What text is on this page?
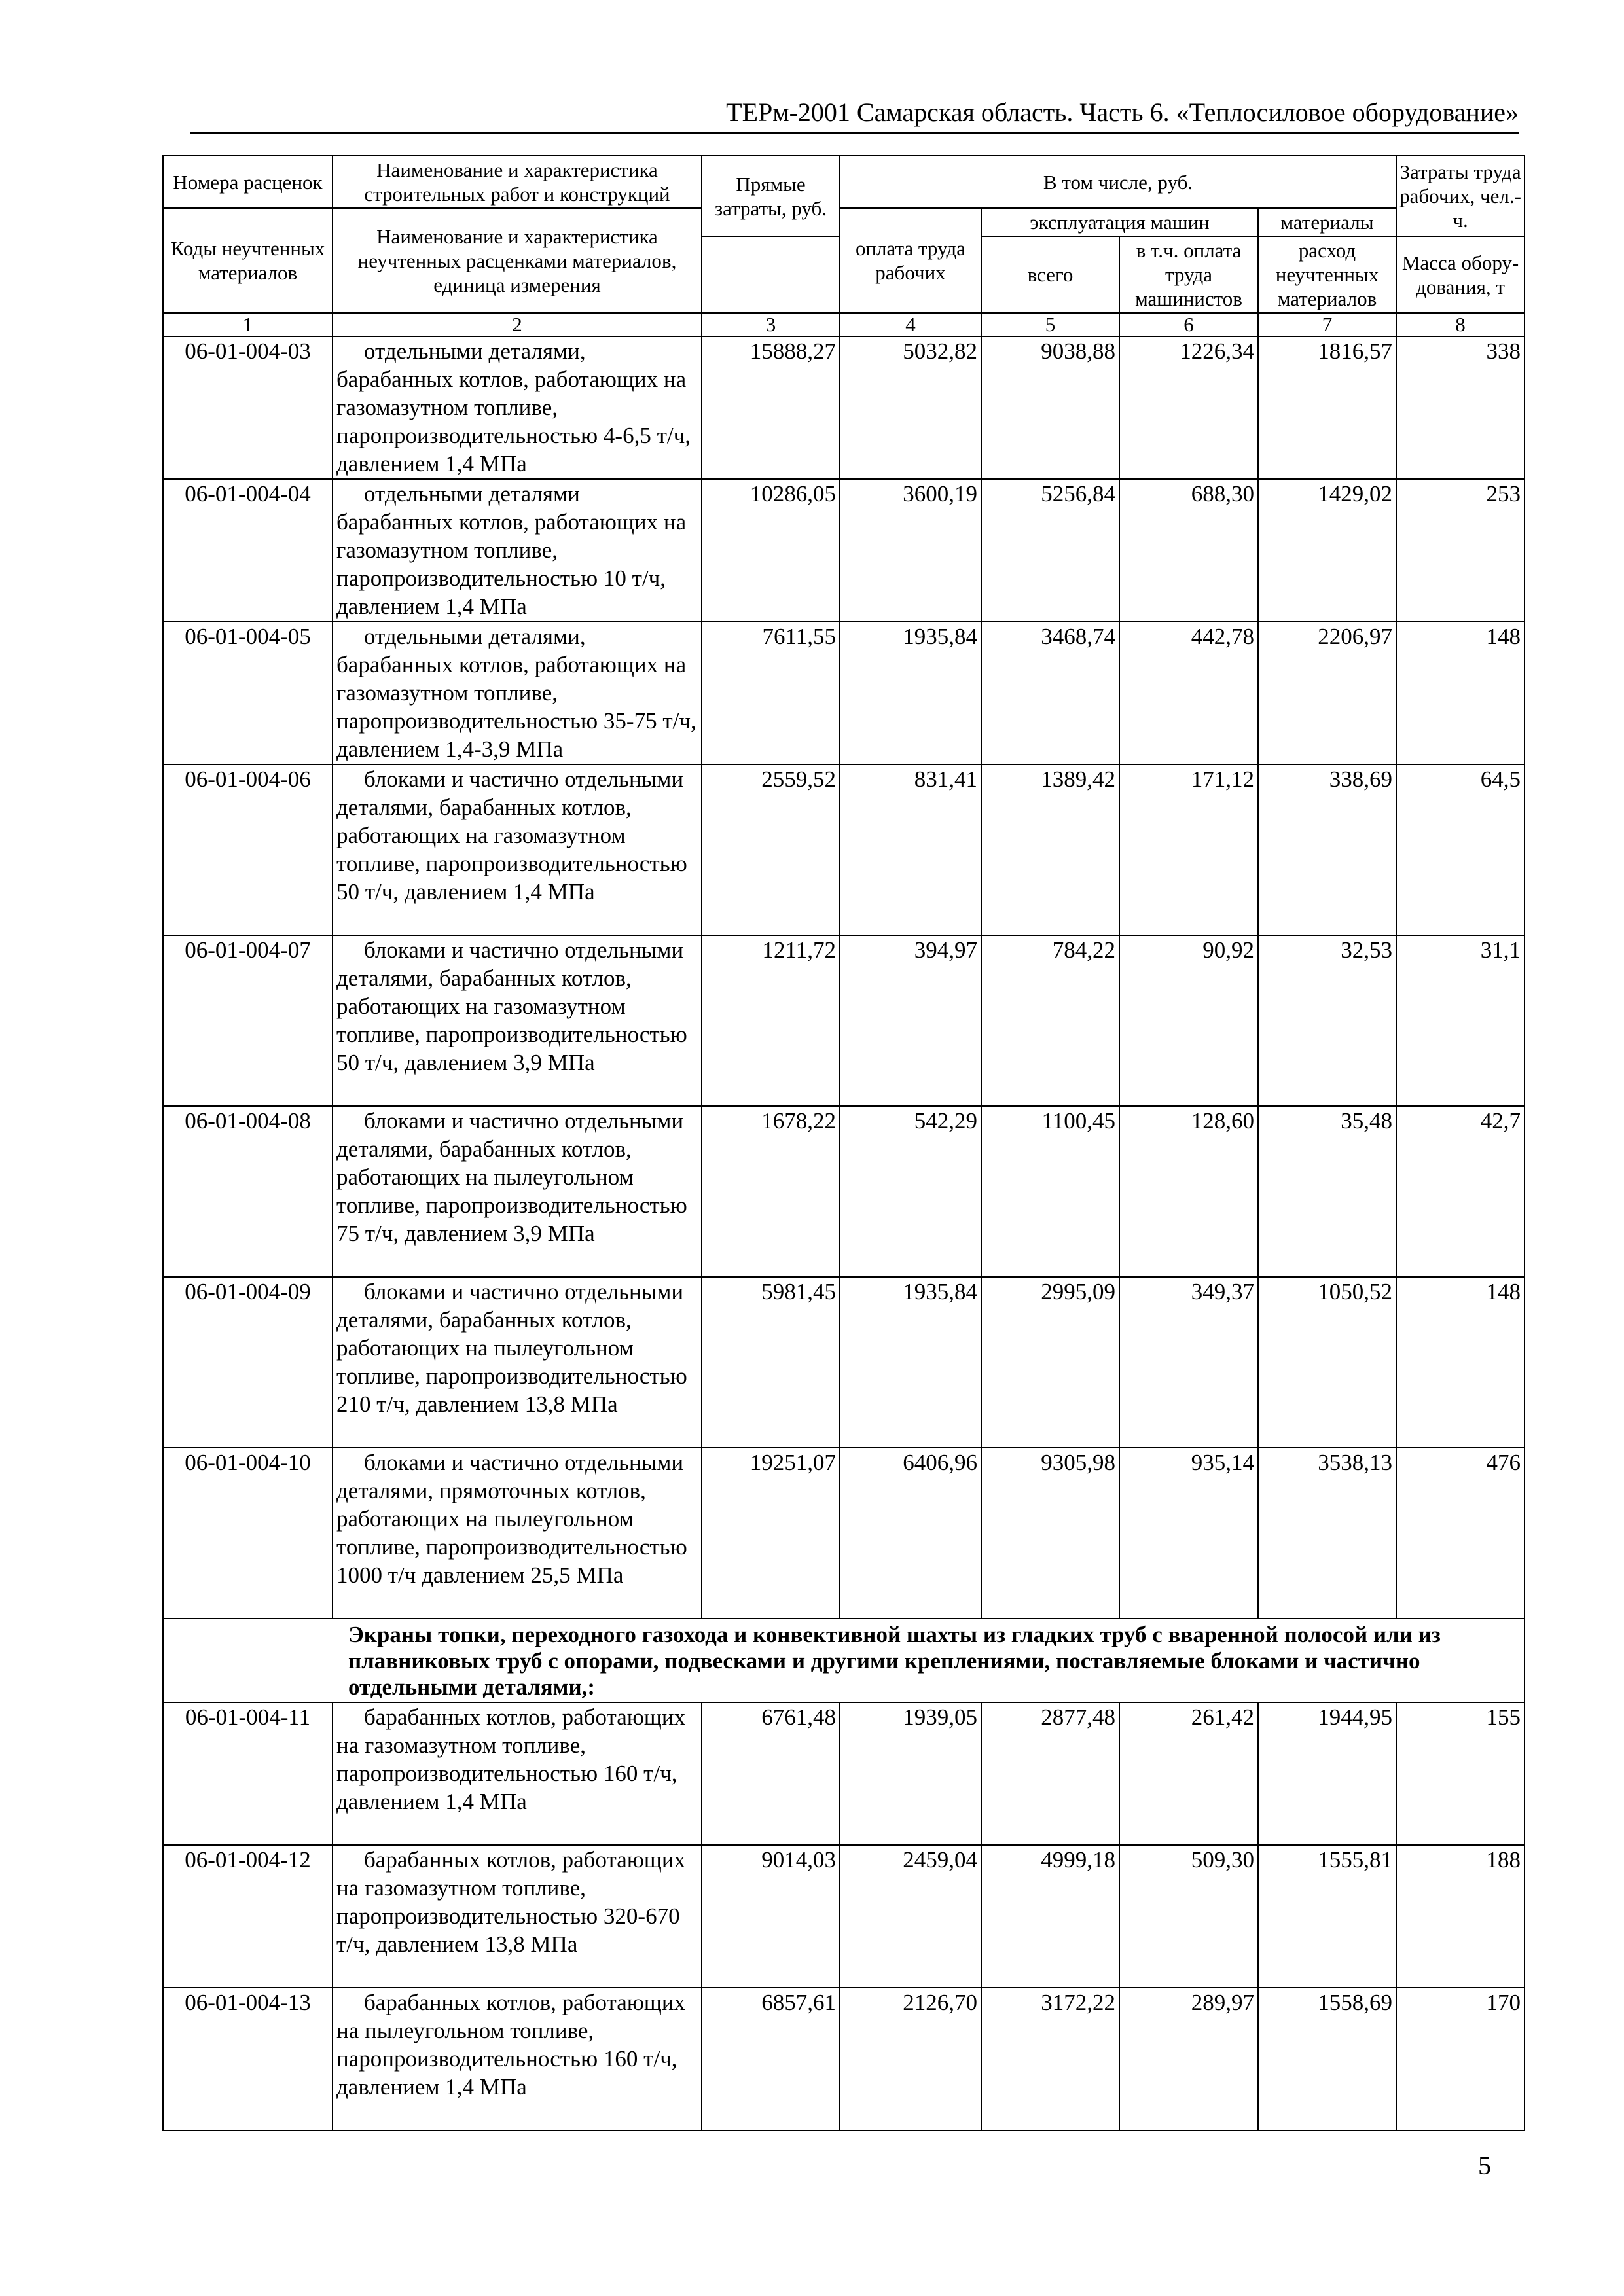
ТЕРм-2001 Самарская область. Часть 6. «Теплосиловое оборудование»
Номера расценок	Наименование и характеристика строительных работ и конструкций	Прямые затраты, руб.	В том числе, руб.				Затраты труда рабочих, чел.-ч.
Коды неучтенных материалов	Наименование и характеристика неучтенных расценками материалов, единица измерения		оплата труда рабочих	эксплуатация машин		материалы	
				всего	в т.ч. оплата труда машинистов	расход неучтенных материалов	
							Масса обору-дования, т
1	2	3	4	5	6	7	8
06-01-004-03	отдельными деталями, барабанных котлов, работающих на газомазутном топливе, паропроизводительностью 4-6,5 т/ч, давлением 1,4 МПа	15888,27	5032,82	9038,88	1226,34	1816,57	338
06-01-004-04	отдельными деталями барабанных котлов, работающих на газомазутном топливе, паропроизводительностью 10 т/ч, давлением 1,4 МПа	10286,05	3600,19	5256,84	688,30	1429,02	253
06-01-004-05	отдельными деталями, барабанных котлов, работающих на газомазутном топливе, паропроизводительностью 35-75 т/ч, давлением 1,4-3,9 МПа	7611,55	1935,84	3468,74	442,78	2206,97	148
06-01-004-06	блоками и частично отдельными деталями, барабанных котлов, работающих на газомазутном топливе, паропроизводительностью 50 т/ч, давлением 1,4 МПа	2559,52	831,41	1389,42	171,12	338,69	64,5
06-01-004-07	блоками и частично отдельными деталями, барабанных котлов, работающих на газомазутном топливе, паропроизводительностью 50 т/ч, давлением 3,9 МПа	1211,72	394,97	784,22	90,92	32,53	31,1
06-01-004-08	блоками и частично отдельными деталями, барабанных котлов, работающих на пылеугольном топливе, паропроизводительностью 75 т/ч, давлением 3,9 МПа	1678,22	542,29	1100,45	128,60	35,48	42,7
06-01-004-09	блоками и частично отдельными деталями, барабанных котлов, работающих на пылеугольном топливе, паропроизводительностью 210 т/ч, давлением 13,8 МПа	5981,45	1935,84	2995,09	349,37	1050,52	148
06-01-004-10	блоками и частично отдельными деталями, прямоточных котлов, работающих на пылеугольном топливе, паропроизводительностью 1000 т/ч давлением 25,5 МПа	19251,07	6406,96	9305,98	935,14	3538,13	476
Экраны топки, переходного газохода и конвективной шахты из гладких труб с вваренной полосой или из плавниковых труб с опорами, подвесками и другими креплениями, поставляемые блоками и частично отдельными деталями,:							
06-01-004-11	барабанных котлов, работающих на газомазутном топливе, паропроизводительностью 160 т/ч, давлением 1,4 МПа	6761,48	1939,05	2877,48	261,42	1944,95	155
06-01-004-12	барабанных котлов, работающих на газомазутном топливе, паропроизводительностью 320-670 т/ч, давлением 13,8 МПа	9014,03	2459,04	4999,18	509,30	1555,81	188
06-01-004-13	барабанных котлов, работающих на пылеугольном топливе, паропроизводительностью 160 т/ч, давлением 1,4 МПа	6857,61	2126,70	3172,22	289,97	1558,69	170
5
